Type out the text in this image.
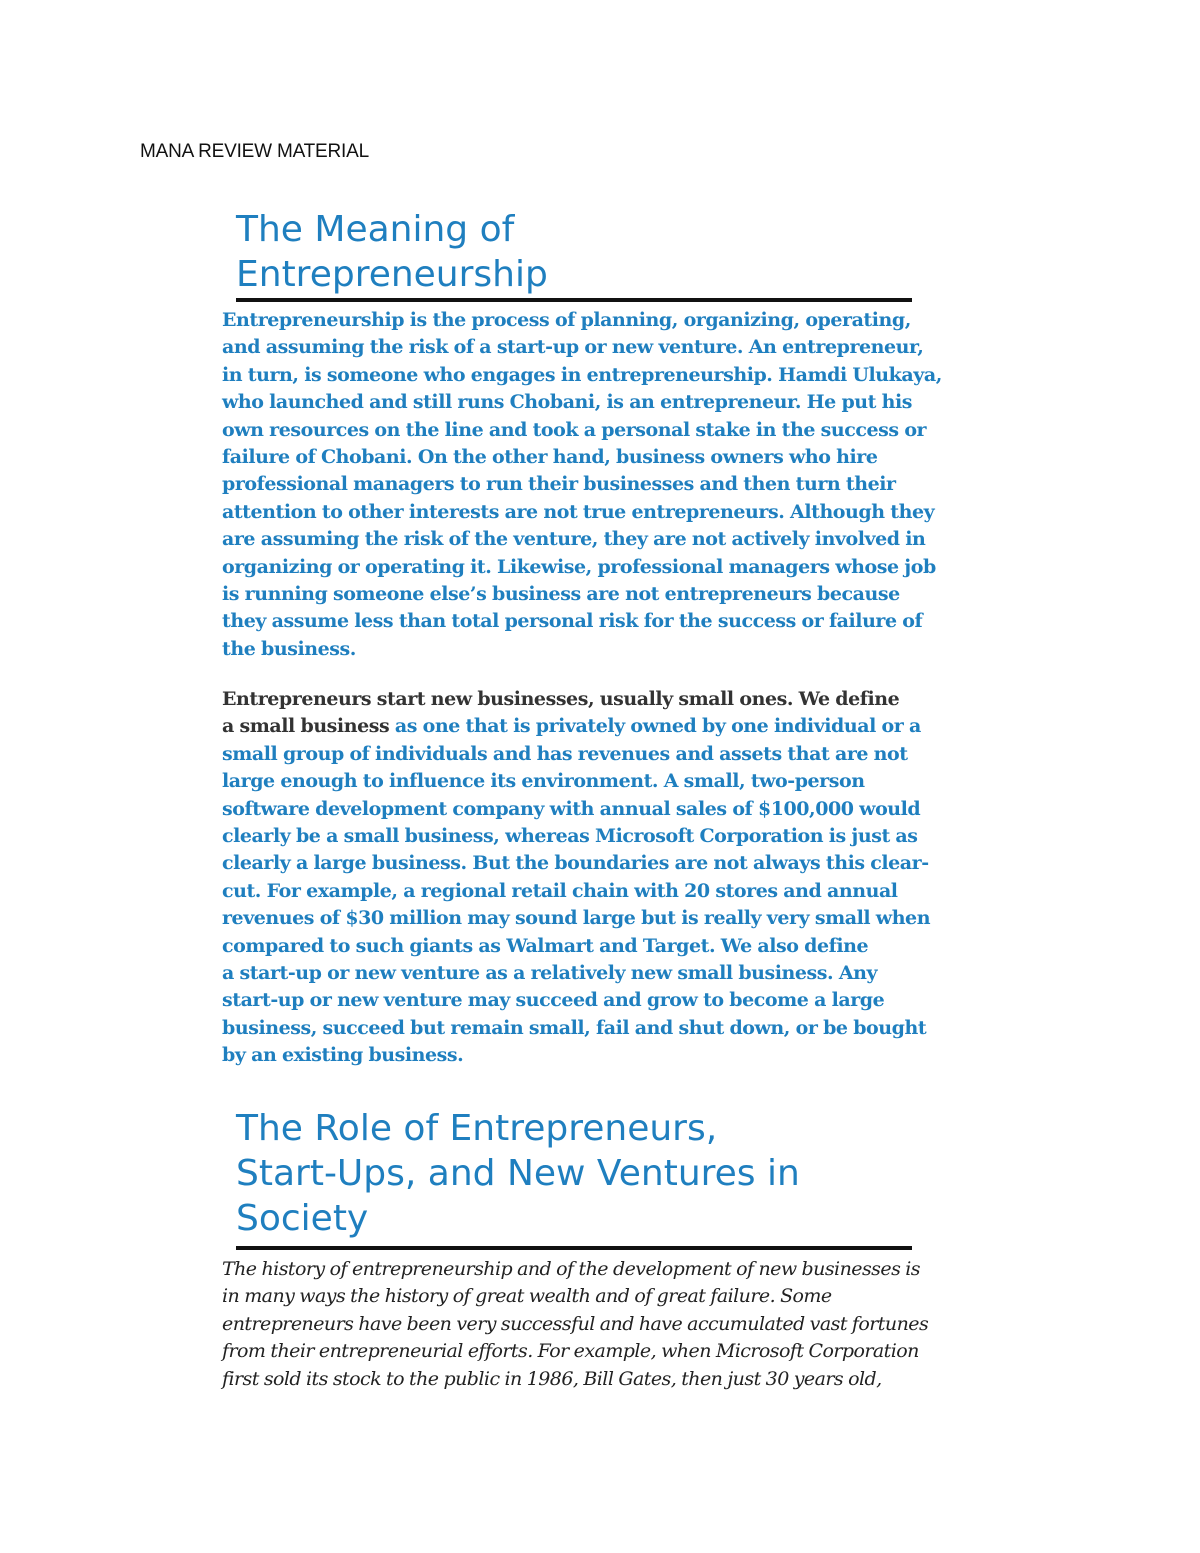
MANA REVIEW MATERIAL
The Meaning of
Entrepreneurship

Entrepreneurship is the process of planning, organizing, operating,
and assuming the risk of a start-up or new venture. An entrepreneur,
in turn, is someone who engages in entrepreneurship. Hamdi Ulukaya,
who launched and still runs Chobani, is an entrepreneur. He put his
own resources on the line and took a personal stake in the success or
failure of Chobani. On the other hand, business owners who hire
professional managers to run their businesses and then turn their
attention to other interests are not true entrepreneurs. Although they
are assuming the risk of the venture, they are not actively involved in
organizing or operating it. Likewise, professional managers whose job
is running someone else’s business are not entrepreneurs because
they assume less than total personal risk for the success or failure of
the business.

Entrepreneurs start new businesses, usually small ones. We define
a small business as one that is privately owned by one individual or a
small group of individuals and has revenues and assets that are not
large enough to influence its environment. A small, two-person
software development company with annual sales of $100,000 would
clearly be a small business, whereas Microsoft Corporation is just as
clearly a large business. But the boundaries are not always this clear-
cut. For example, a regional retail chain with 20 stores and annual
revenues of $30 million may sound large but is really very small when
compared to such giants as Walmart and Target. We also define
a start-up or new venture as a relatively new small business. Any
start-up or new venture may succeed and grow to become a large
business, succeed but remain small, fail and shut down, or be bought
by an existing business.

The Role of Entrepreneurs,
Start-Ups, and New Ventures in
Society

The history of entrepreneurship and of the development of new businesses is
in many ways the history of great wealth and of great failure. Some
entrepreneurs have been very successful and have accumulated vast fortunes
from their entrepreneurial efforts. For example, when Microsoft Corporation
first sold its stock to the public in 1986, Bill Gates, then just 30 years old,
